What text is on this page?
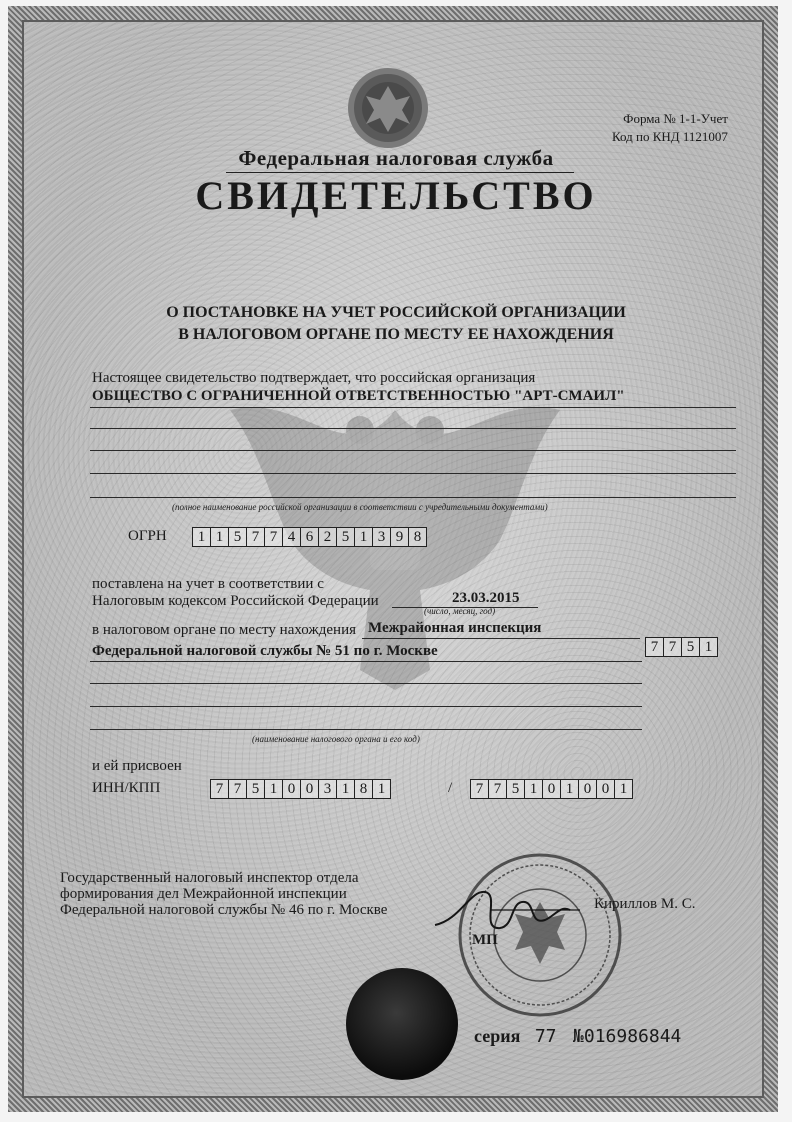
Форма № 1-1-Учет
Код по КНД 1121007
Федеральная налоговая служба
СВИДЕТЕЛЬСТВО
О ПОСТАНОВКЕ НА УЧЕТ РОССИЙСКОЙ ОРГАНИЗАЦИИ
В НАЛОГОВОМ ОРГАНЕ ПО МЕСТУ ЕЕ НАХОЖДЕНИЯ
Настоящее свидетельство подтверждает, что российская организация
ОБЩЕСТВО С ОГРАНИЧЕННОЙ ОТВЕТСТВЕННОСТЬЮ "АРТ-СМАИЛ"
(полное наименование российской организации в соответствии с учредительными документами)
ОГРН	1 1 5 7 7 4 6 2 5 1 3 9 8
поставлена на учет в соответствии с
Налоговым кодексом Российской Федерации	23.03.2015
(число, месяц, год)
в налоговом органе по месту нахождения Межрайонная инспекция
Федеральной налоговой службы № 51 по г. Москве	7 7 5 1
(наименование налогового органа и его код)
и ей присвоен
ИНН/КПП	7 7 5 1 0 0 3 1 8 1	/	7 7 5 1 0 1 0 0 1
Государственный налоговый инспектор отдела
формирования дел Межрайонной инспекции
Федеральной налоговой службы № 46 по г. Москве	Кириллов М. С.
МП
серия 77 №016986844
